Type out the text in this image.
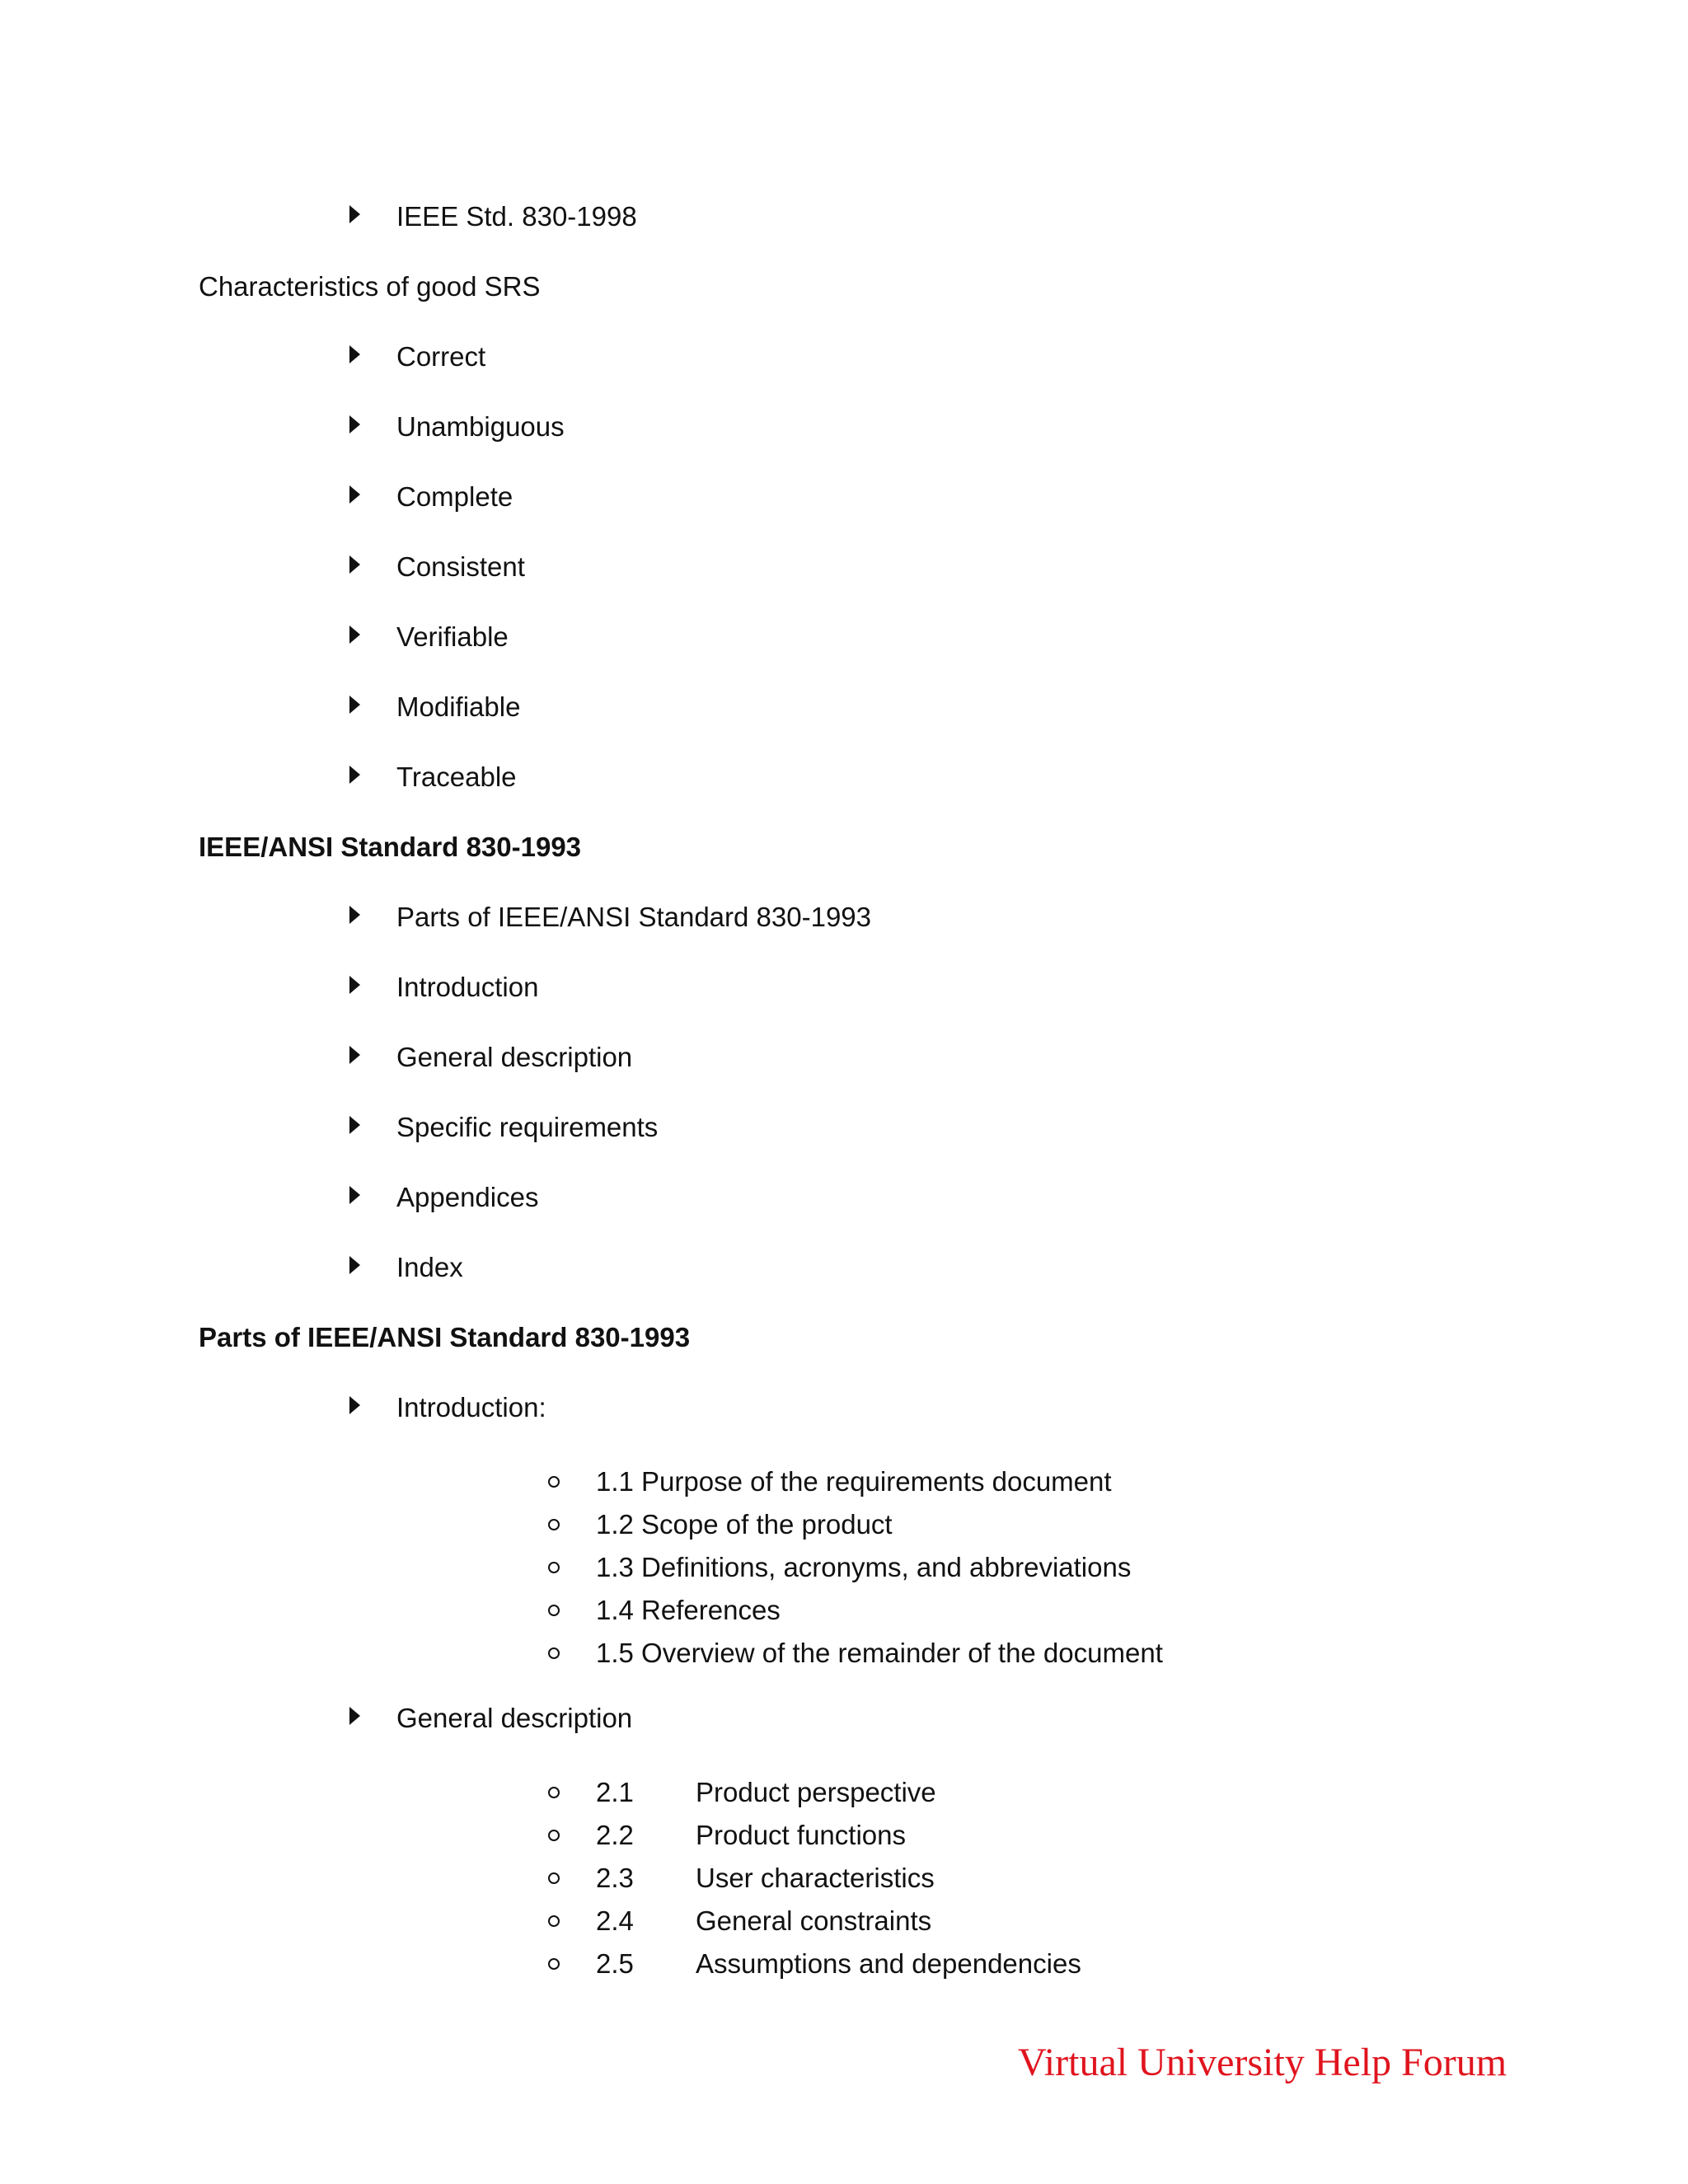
IEEE Std. 830-1998
Characteristics of good SRS
Correct
Unambiguous
Complete
Consistent
Verifiable
Modifiable
Traceable
IEEE/ANSI Standard 830-1993
Parts of IEEE/ANSI Standard 830-1993
Introduction
General description
Specific requirements
Appendices
Index
Parts of IEEE/ANSI Standard 830-1993
Introduction:
1.1 Purpose of the requirements document
1.2 Scope of the product
1.3 Definitions, acronyms, and abbreviations
1.4 References
1.5 Overview of the remainder of the document
General description
2.1 Product perspective
2.2 Product functions
2.3 User characteristics
2.4 General constraints
2.5 Assumptions and dependencies
Virtual University Help Forum
